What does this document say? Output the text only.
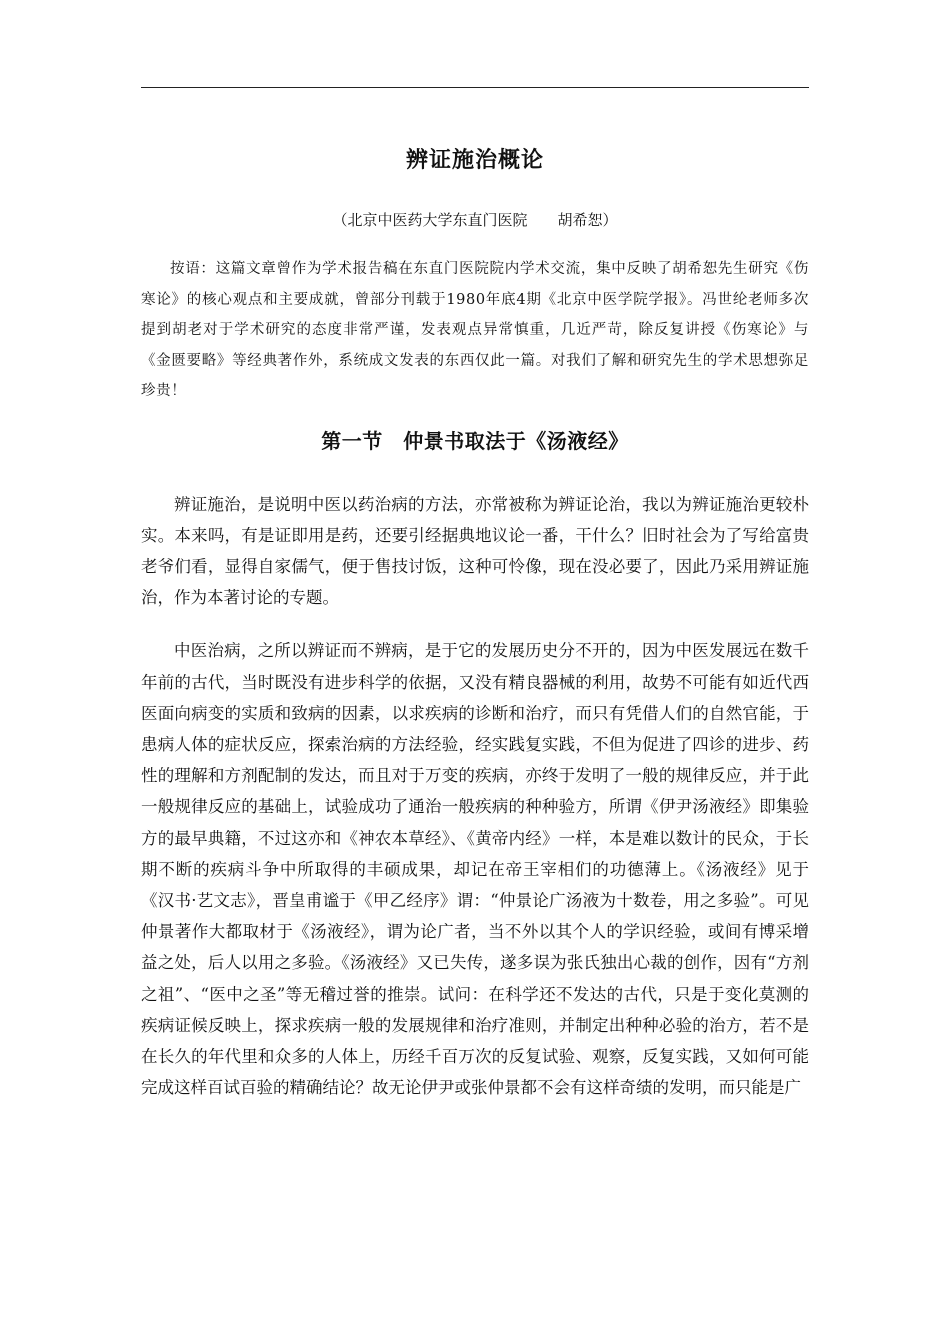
辨证施治概论

（北京中医药大学东直门医院　　胡希恕）

按语：这篇文章曾作为学术报告稿在东直门医院院内学术交流，集中反映了胡希恕先生研究《伤寒论》的核心观点和主要成就，曾部分刊载于1980年底4期《北京中医学院学报》。冯世纶老师多次提到胡老对于学术研究的态度非常严谨，发表观点异常慎重，几近严苛，除反复讲授《伤寒论》与《金匮要略》等经典著作外，系统成文发表的东西仅此一篇。对我们了解和研究先生的学术思想弥足珍贵！

第一节　仲景书取法于《汤液经》

辨证施治，是说明中医以药治病的方法，亦常被称为辨证论治，我以为辨证施治更较朴实。本来吗，有是证即用是药，还要引经据典地议论一番，干什么？旧时社会为了写给富贵老爷们看，显得自家儒气，便于售技讨饭，这种可怜像，现在没必要了，因此乃采用辨证施治，作为本著讨论的专题。

中医治病，之所以辨证而不辨病，是于它的发展历史分不开的，因为中医发展远在数千年前的古代，当时既没有进步科学的依据，又没有精良器械的利用，故势不可能有如近代西医面向病变的实质和致病的因素，以求疾病的诊断和治疗，而只有凭借人们的自然官能，于患病人体的症状反应，探索治病的方法经验，经实践复实践，不但为促进了四诊的进步、药性的理解和方剂配制的发达，而且对于万变的疾病，亦终于发明了一般的规律反应，并于此一般规律反应的基础上，试验成功了通治一般疾病的种种验方，所谓《伊尹汤液经》即集验方的最早典籍，不过这亦和《神农本草经》、《黄帝内经》一样，本是难以数计的民众，于长期不断的疾病斗争中所取得的丰硕成果，却记在帝王宰相们的功德薄上。《汤液经》见于《汉书·艺文志》，晋皇甫谧于《甲乙经序》谓：“仲景论广汤液为十数卷，用之多验”。可见仲景著作大都取材于《汤液经》，谓为论广者，当不外以其个人的学识经验，或间有博采增益之处，后人以用之多验。《汤液经》又已失传，遂多误为张氏独出心裁的创作，因有“方剂之祖”、“医中之圣”等无稽过誉的推崇。试问：在科学还不发达的古代，只是于变化莫测的疾病证候反映上，探求疾病一般的发展规律和治疗准则，并制定出种种必验的治方，若不是在长久的年代里和众多的人体上，历经千百万次的反复试验、观察，反复实践，又如何可能完成这样百试百验的精确结论？故无论伊尹或张仲景都不会有这样奇绩的发明，而只能是广
